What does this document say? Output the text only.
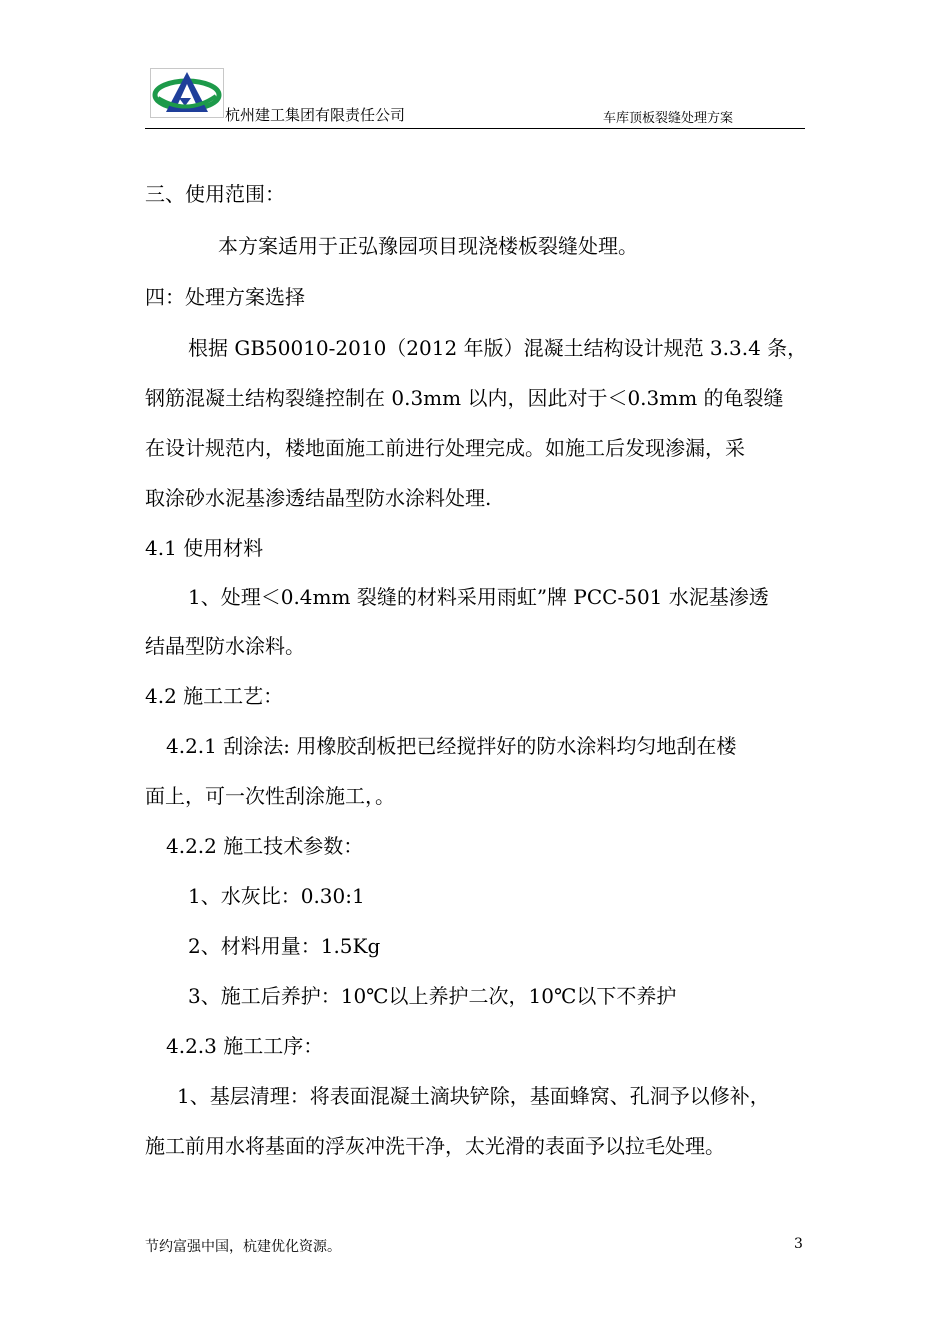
杭州建工集团有限责任公司	车库顶板裂缝处理方案
三、使用范围：
本方案适用于正弘豫园项目现浇楼板裂缝处理。
四：处理方案选择
根据 GB50010-2010（2012 年版）混凝土结构设计规范 3.3.4 条，
钢筋混凝土结构裂缝控制在 0.3mm 以内，因此对于＜0.3mm 的龟裂缝
在设计规范内，楼地面施工前进行处理完成。如施工后发现渗漏，采
取涂砂水泥基渗透结晶型防水涂料处理.
4.1 使用材料
1、处理＜0.4mm 裂缝的材料采用雨虹”牌 PCC-501 水泥基渗透
结晶型防水涂料。
4.2 施工工艺：
4.2.1 刮涂法: 用橡胶刮板把已经搅拌好的防水涂料均匀地刮在楼
面上，可一次性刮涂施工，。
4.2.2 施工技术参数：
1、水灰比：0.30:1
2、材料用量：1.5Kg
3、施工后养护：10℃以上养护二次，10℃以下不养护
4.2.3 施工工序：
1、基层清理：将表面混凝土滴块铲除，基面蜂窝、孔洞予以修补，
施工前用水将基面的浮灰冲洗干净，太光滑的表面予以拉毛处理。
节约富强中国，杭建优化资源。	3
